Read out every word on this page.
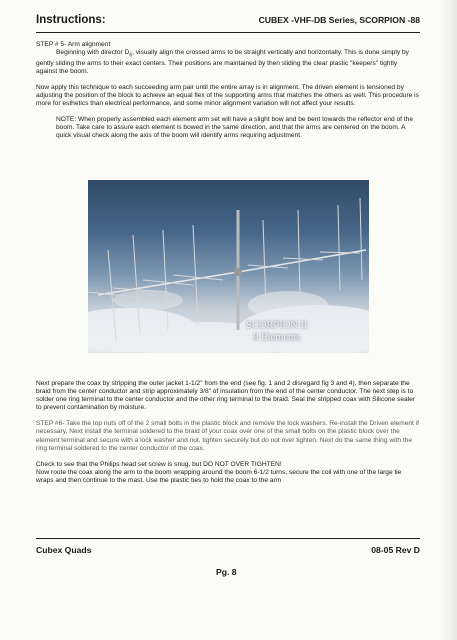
Instructions:	CUBEX -VHF-DB Series, SCORPION -88

STEP # 5- Arm alignment

Beginning with director $D_6$, visually align the crossed arms to be straight vertically and horizontally. This is done simply by gently sliding the arms to their exact centers. Their positions are maintained by then sliding the clear plastic "keepers" tightly against the boom.

Now apply this technique to each succeeding arm pair until the entire array is in alignment. The driven element is tensioned by adjusting the position of the block to achieve an equal flex of the supporting arms that matches the others as well. This procedure is more for esthetics than electrical performance, and some minor alignment variation will not affect your results.

NOTE: When properly assembled each element arm set will have a slight bow and be bent towards the reflector end of the boom. Take care to assure each element is bowed in the same direction, and that the arms are centered on the boom. A quick visual check along the axis of the boom will identify arms requiring adjustment.

SCORPION II
8 Elements

Next prepare the coax by stripping the outer jacket 1-1/2" from the end (see fig. 1 and 2 disregard fig 3 and 4), then separate the braid from the center conductor and strip approximately 3/8" of insulation from the end of the center conductor. The next step is to solder one ring terminal to the center conductor and the other ring terminal to the braid. Seal the stripped coax with Silicone sealer to prevent contamination by moisture.

STEP #6- Take the top nuts off of the 2 small bolts in the plastic block and remove the lock washers. Re-install the Driven element if necessary. Next install the terminal soldered to the braid of your coax over one of the small bolts on the plastic block over the element terminal and secure with a lock washer and nut, tighten securely but do not over tighten. Next do the same thing with the ring terminal soldered to the center conductor of the coax.

Check to see that the Philips head set screw is snug, but DO NOT OVER TIGHTEN!

Now route the coax along the arm to the boom wrapping around the boom 6-1/2 turns, secure the coil with one of the large tie wraps and then continue to the mast. Use the plastic ties to hold the coax to the arm

Cubex Quads	08-05 Rev D
Pg. 8
